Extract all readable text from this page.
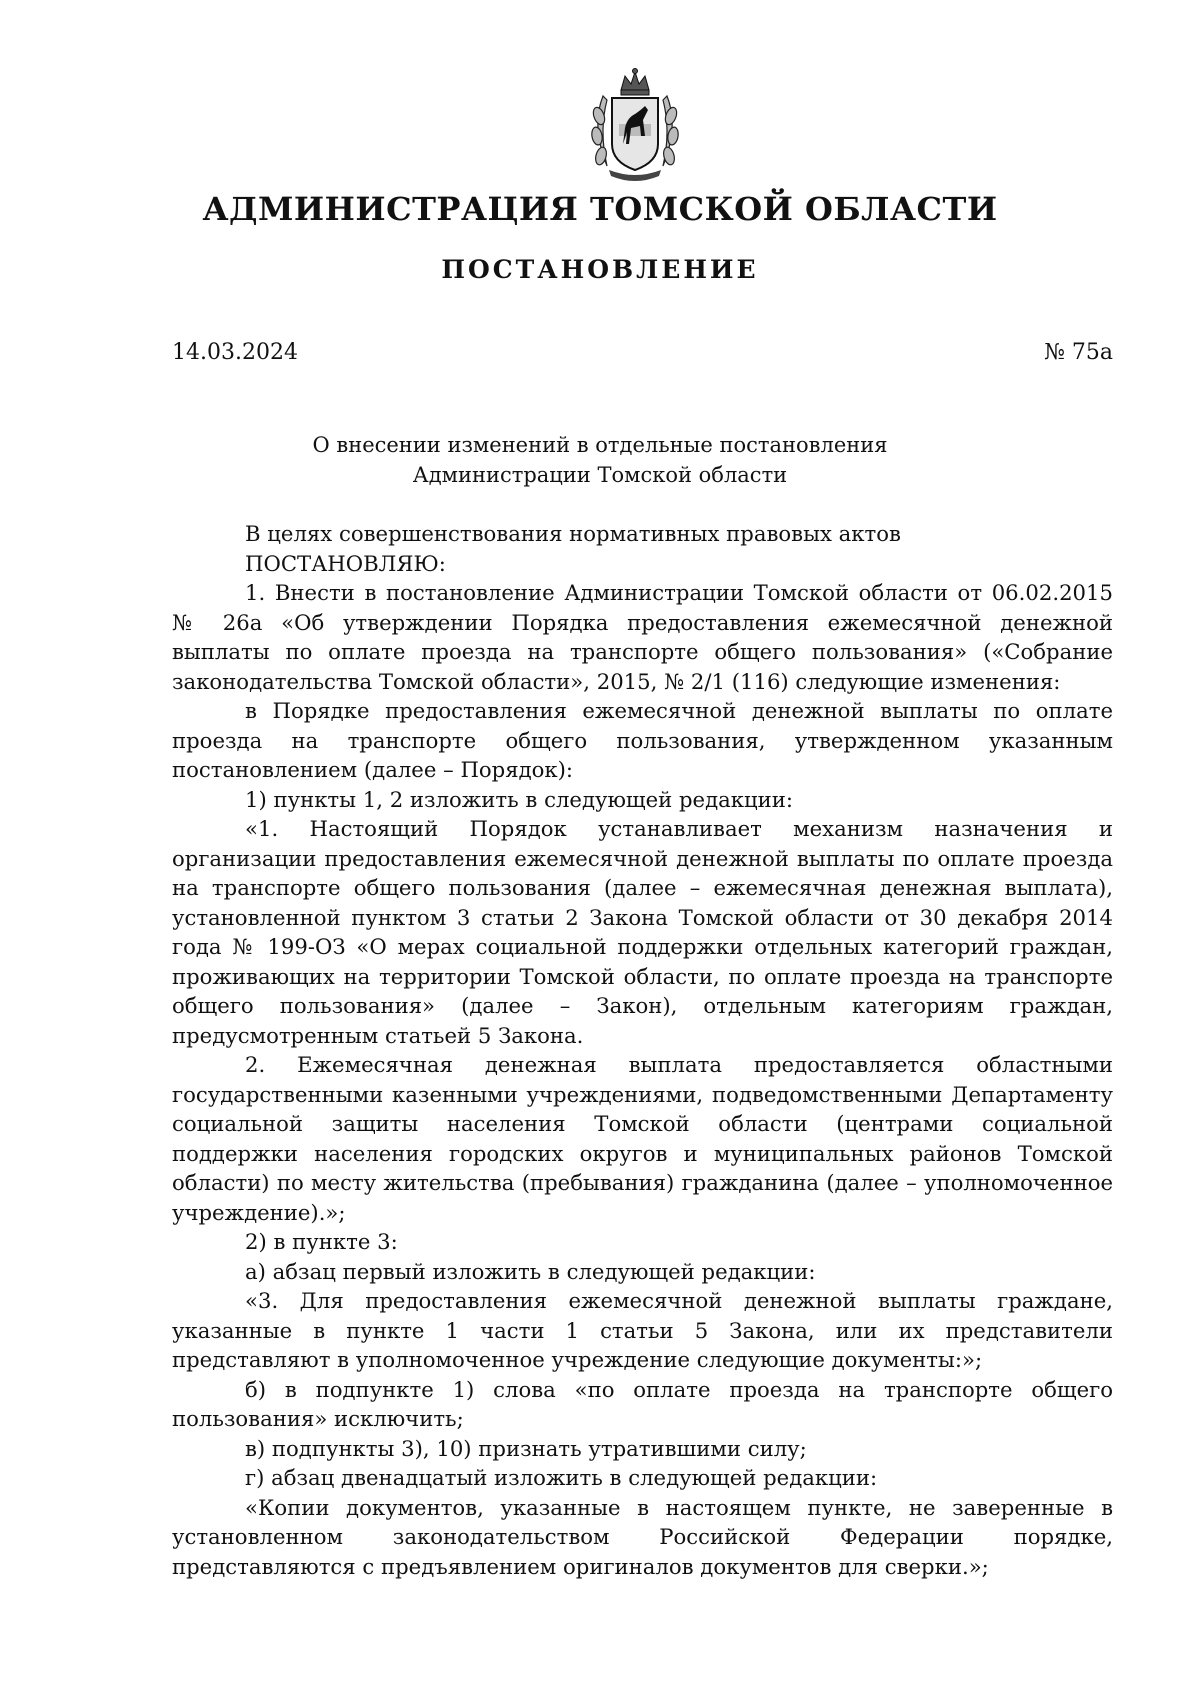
АДМИНИСТРАЦИЯ ТОМСКОЙ ОБЛАСТИ
ПОСТАНОВЛЕНИЕ
14.03.2024	№ 75а
О внесении изменений в отдельные постановления
Администрации Томской области

В целях совершенствования нормативных правовых актов

ПОСТАНОВЛЯЮ:

1. Внести в постановление Администрации Томской области от 06.02.2015 № 26а «Об утверждении Порядка предоставления ежемесячной денежной выплаты по оплате проезда на транспорте общего пользования» («Собрание законодательства Томской области», 2015, № 2/1 (116) следующие изменения:

в Порядке предоставления ежемесячной денежной выплаты по оплате проезда на транспорте общего пользования, утвержденном указанным постановлением (далее – Порядок):

1) пункты 1, 2 изложить в следующей редакции:

«1. Настоящий Порядок устанавливает механизм назначения и организации предоставления ежемесячной денежной выплаты по оплате проезда на транспорте общего пользования (далее – ежемесячная денежная выплата), установленной пунктом 3 статьи 2 Закона Томской области от 30 декабря 2014 года № 199-ОЗ «О мерах социальной поддержки отдельных категорий граждан, проживающих на территории Томской области, по оплате проезда на транспорте общего пользования» (далее – Закон), отдельным категориям граждан, предусмотренным статьей 5 Закона.

2. Ежемесячная денежная выплата предоставляется областными государственными казенными учреждениями, подведомственными Департаменту социальной защиты населения Томской области (центрами социальной поддержки населения городских округов и муниципальных районов Томской области) по месту жительства (пребывания) гражданина (далее – уполномоченное учреждение).»;

2) в пункте 3:

а) абзац первый изложить в следующей редакции:

«3. Для предоставления ежемесячной денежной выплаты граждане, указанные в пункте 1 части 1 статьи 5 Закона, или их представители представляют в уполномоченное учреждение следующие документы:»;

б) в подпункте 1) слова «по оплате проезда на транспорте общего пользования» исключить;

в) подпункты 3), 10) признать утратившими силу;

г) абзац двенадцатый изложить в следующей редакции:

«Копии документов, указанные в настоящем пункте, не заверенные в установленном законодательством Российской Федерации порядке, представляются с предъявлением оригиналов документов для сверки.»;
